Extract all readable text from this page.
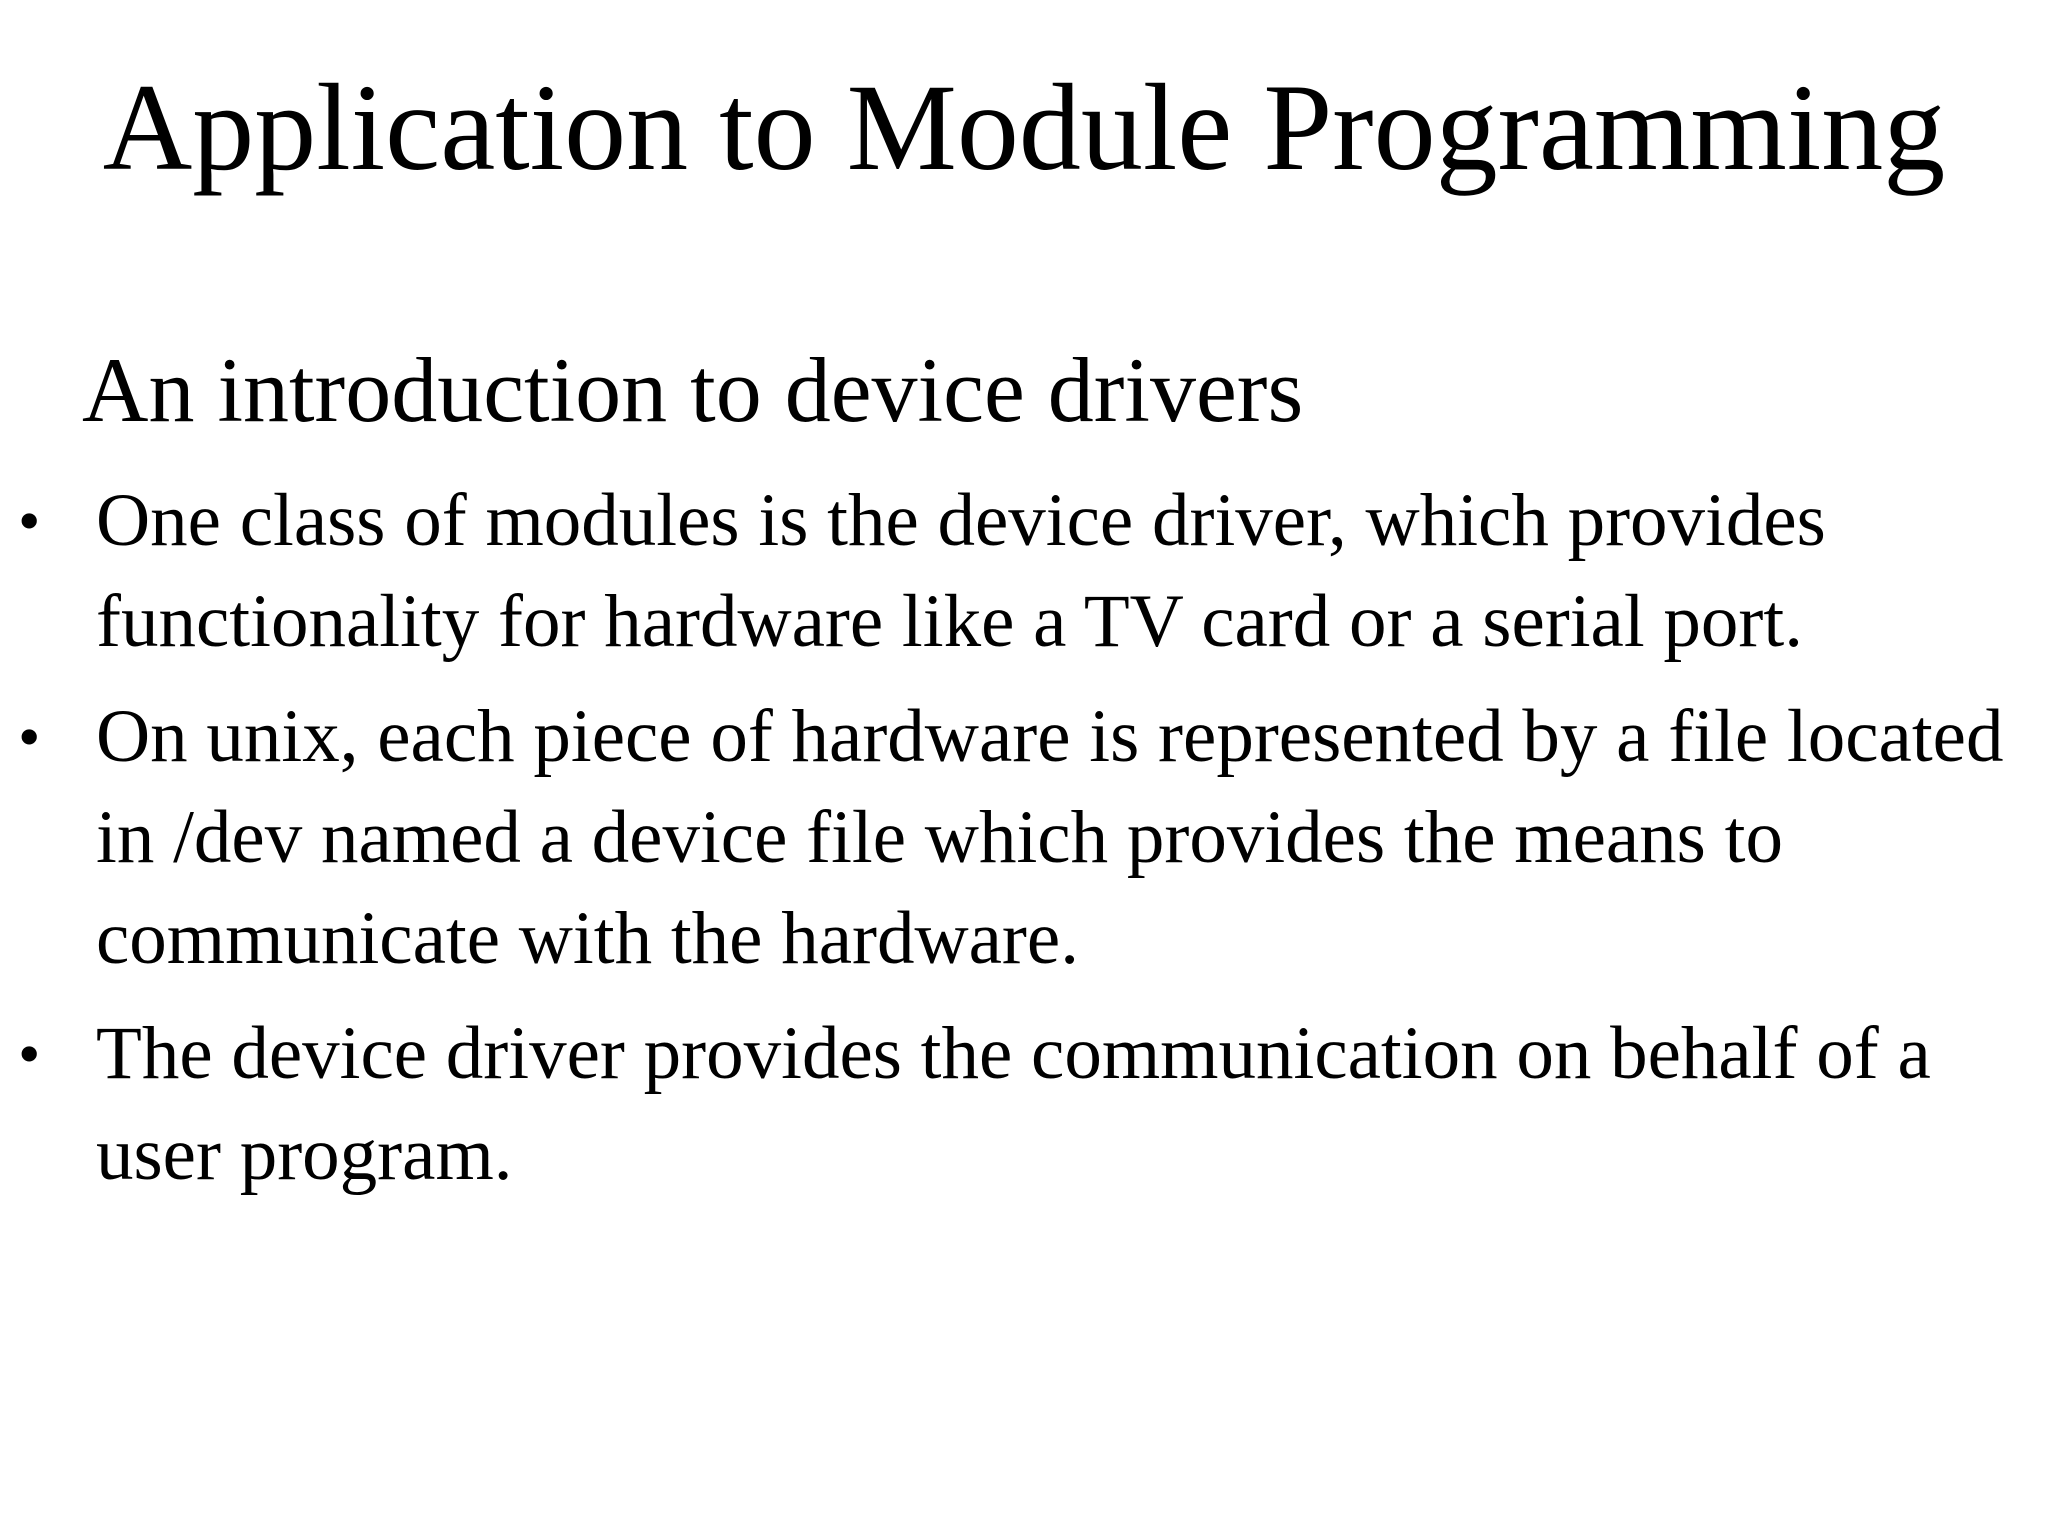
Application to Module Programming
An introduction to device drivers
• One class of modules is the device driver, which provides functionality for hardware like a TV card or a serial port.
• On unix, each piece of hardware is represented by a file located in /dev named a device file which provides the means to communicate with the hardware.
• The device driver provides the communication on behalf of a user program.
